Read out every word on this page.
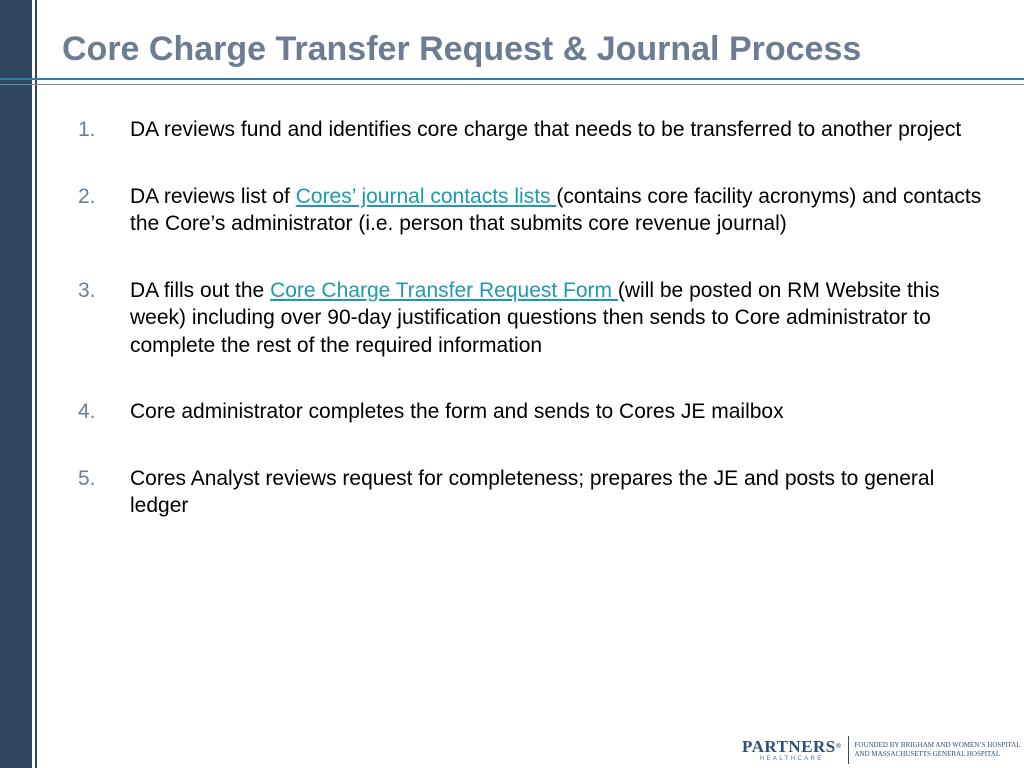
Core Charge Transfer Request & Journal Process
1.	DA reviews fund and identifies core charge that needs to be transferred to another project
2.	DA reviews list of Cores’ journal contacts lists (contains core facility acronyms) and contacts the Core’s administrator (i.e. person that submits core revenue journal)
3.	DA fills out the Core Charge Transfer Request Form (will be posted on RM Website this week) including over 90-day justification questions then sends to Core administrator to complete the rest of the required information
4.	Core administrator completes the form and sends to Cores JE mailbox
5.	Cores Analyst reviews request for completeness; prepares the JE and posts to general ledger
PARTNERS®
HEALTHCARE
FOUNDED BY BRIGHAM AND WOMEN’S HOSPITAL
AND MASSACHUSETTS GENERAL HOSPITAL
